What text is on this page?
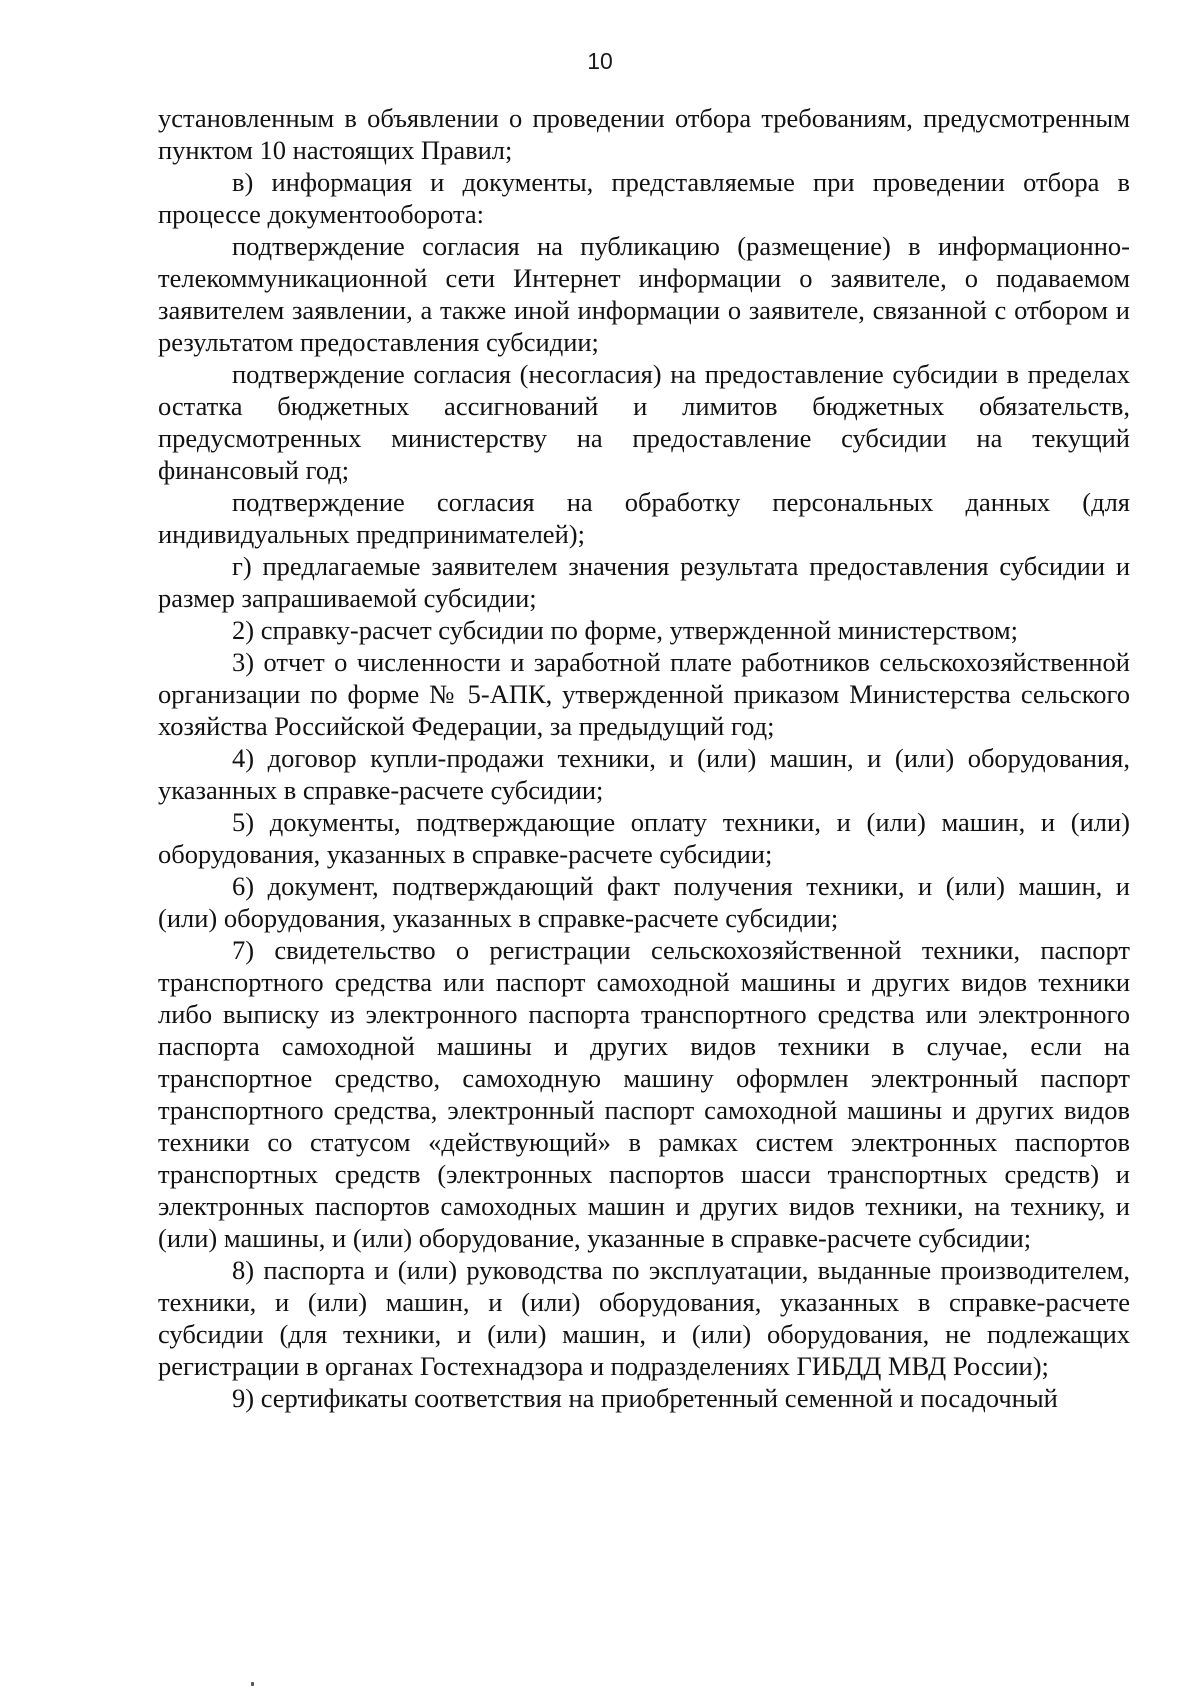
10

установленным в объявлении о проведении отбора требованиям, предусмотренным пунктом 10 настоящих Правил;

в) информация и документы, представляемые при проведении отбора в процессе документооборота:

подтверждение согласия на публикацию (размещение) в информационно-телекоммуникационной сети Интернет информации о заявителе, о подаваемом заявителем заявлении, а также иной информации о заявителе, связанной с отбором и результатом предоставления субсидии;

подтверждение согласия (несогласия) на предоставление субсидии в пределах остатка бюджетных ассигнований и лимитов бюджетных обязательств, предусмотренных министерству на предоставление субсидии на текущий финансовый год;

подтверждение согласия на обработку персональных данных (для индивидуальных предпринимателей);

г) предлагаемые заявителем значения результата предоставления субсидии и размер запрашиваемой субсидии;

2) справку-расчет субсидии по форме, утвержденной министерством;

3) отчет о численности и заработной плате работников сельскохозяйственной организации по форме № 5-АПК, утвержденной приказом Министерства сельского хозяйства Российской Федерации, за предыдущий год;

4) договор купли-продажи техники, и (или) машин, и (или) оборудования, указанных в справке-расчете субсидии;

5) документы, подтверждающие оплату техники, и (или) машин, и (или) оборудования, указанных в справке-расчете субсидии;

6) документ, подтверждающий факт получения техники, и (или) машин, и (или) оборудования, указанных в справке-расчете субсидии;

7) свидетельство о регистрации сельскохозяйственной техники, паспорт транспортного средства или паспорт самоходной машины и других видов техники либо выписку из электронного паспорта транспортного средства или электронного паспорта самоходной машины и других видов техники в случае, если на транспортное средство, самоходную машину оформлен электронный паспорт транспортного средства, электронный паспорт самоходной машины и других видов техники со статусом «действующий» в рамках систем электронных паспортов транспортных средств (электронных паспортов шасси транспортных средств) и электронных паспортов самоходных машин и других видов техники, на технику, и (или) машины, и (или) оборудование, указанные в справке-расчете субсидии;

8) паспорта и (или) руководства по эксплуатации, выданные производителем, техники, и (или) машин, и (или) оборудования, указанных в справке-расчете субсидии (для техники, и (или) машин, и (или) оборудования, не подлежащих регистрации в органах Гостехнадзора и подразделениях ГИБДД МВД России);

9) сертификаты соответствия на приобретенный семенной и посадочный
